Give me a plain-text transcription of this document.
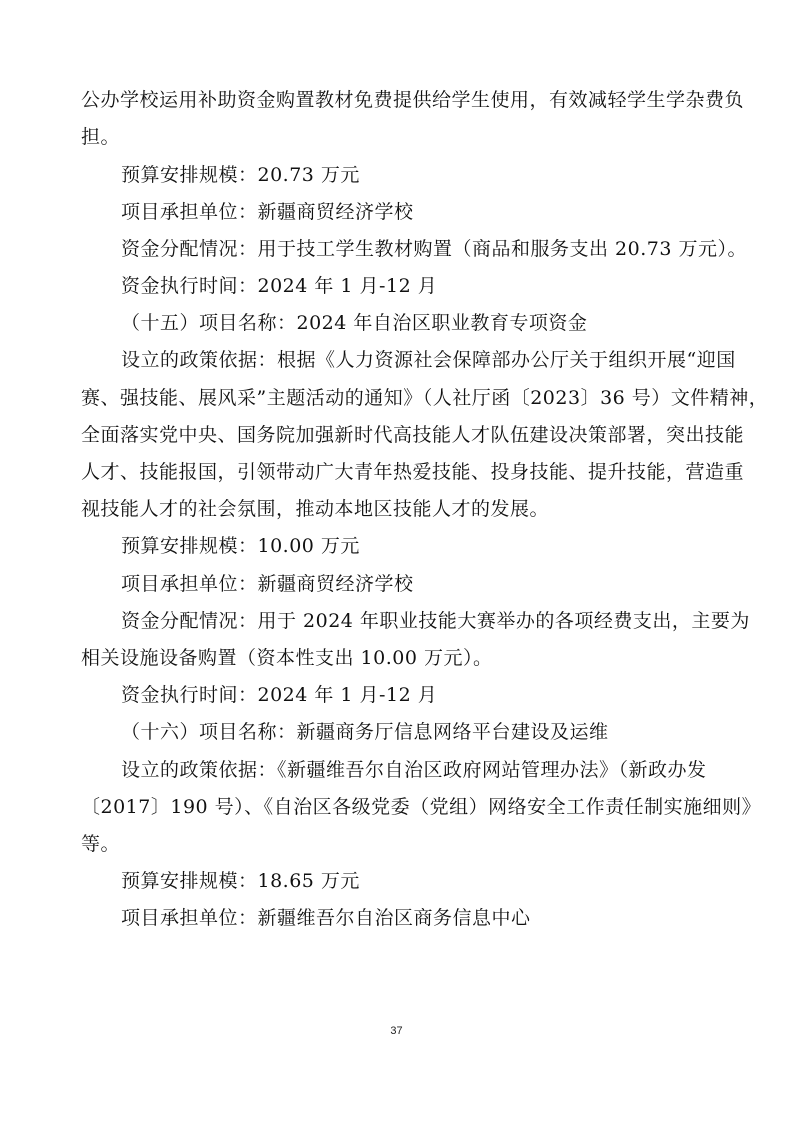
公办学校运用补助资金购置教材免费提供给学生使用，有效减轻学生学杂费负
担。
预算安排规模：20.73 万元
项目承担单位：新疆商贸经济学校
资金分配情况：用于技工学生教材购置（商品和服务支出 20.73 万元）。
资金执行时间：2024 年 1 月-12 月
（十五）项目名称：2024 年自治区职业教育专项资金
设立的政策依据：根据《人力资源社会保障部办公厅关于组织开展“迎国
赛、强技能、展风采”主题活动的通知》（人社厅函〔2023〕36 号）文件精神，
全面落实党中央、国务院加强新时代高技能人才队伍建设决策部署，突出技能
人才、技能报国，引领带动广大青年热爱技能、投身技能、提升技能，营造重
视技能人才的社会氛围，推动本地区技能人才的发展。
预算安排规模：10.00 万元
项目承担单位：新疆商贸经济学校
资金分配情况：用于 2024 年职业技能大赛举办的各项经费支出，主要为
相关设施设备购置（资本性支出 10.00 万元）。
资金执行时间：2024 年 1 月-12 月
（十六）项目名称：新疆商务厅信息网络平台建设及运维
设立的政策依据：《新疆维吾尔自治区政府网站管理办法》（新政办发
〔2017〕190 号）、《自治区各级党委（党组）网络安全工作责任制实施细则》
等。
预算安排规模：18.65 万元
项目承担单位：新疆维吾尔自治区商务信息中心
37
